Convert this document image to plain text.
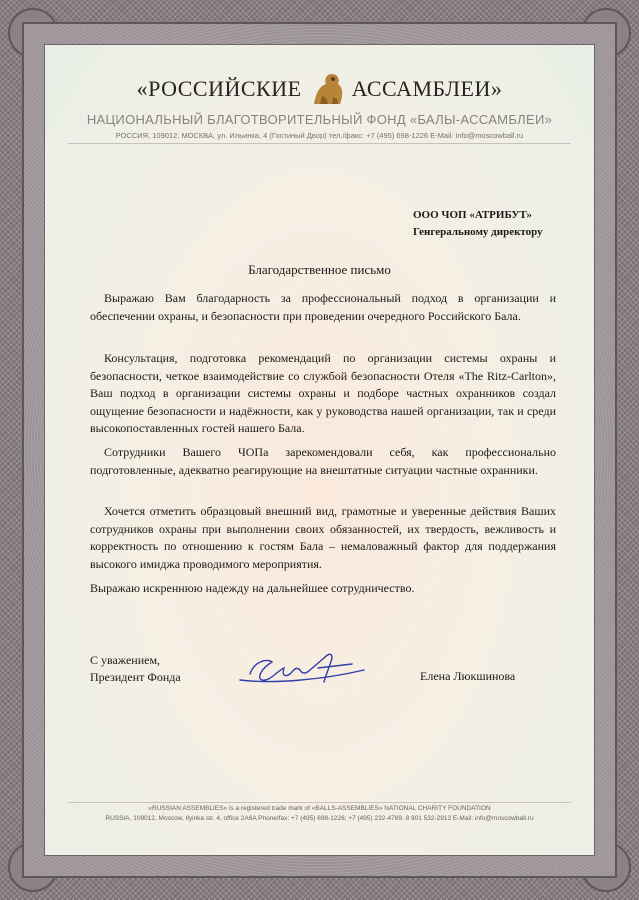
«РОССИЙСКИЕ АССАМБЛЕИ»
НАЦИОНАЛЬНЫЙ БЛАГОТВОРИТЕЛЬНЫЙ ФОНД «БАЛЫ-АССАМБЛЕИ»
РОССИЯ, 109012, МОСКВА, ул. Ильинка, 4 (Гостиный Двор) тел./факс: +7 (495) 698-1226 E-Mail: info@moscowball.ru
ООО ЧОП «АТРИБУТ»
Генгеральному директору
Благодарственное письмо
Выражаю Вам благодарность за профессиональный подход в организации и обеспечении охраны, и безопасности при проведении очередного Российского Бала.
Консультация, подготовка рекомендаций по организации системы охраны и безопасности, четкое взаимодействие со службой безопасности Отеля «The Ritz-Carlton», Ваш подход в организации системы охраны и подборе частных охранников создал ощущение безопасности и надёжности, как у руководства нашей организации, так и среди высокопоставленных гостей нашего Бала.
Сотрудники Вашего ЧОПа зарекомендовали себя, как профессионально подготовленные, адекватно реагирующие на внештатные ситуации частные охранники.
Хочется отметить образцовый внешний вид, грамотные и уверенные действия Ваших сотрудников охраны при выполнении своих обязанностей, их твердость, вежливость и корректность по отношению к гостям Бала – немаловажный фактор для поддержания высокого имиджа проводимого мероприятия.
Выражаю искреннюю надежду на дальнейшее сотрудничество.
С уважением,
Президент Фонда	Елена Люкшинова
«RUSSIAN ASSEMBLIES» is a registered trade mark of «BALLS-ASSEMBLIES» NATIONAL CHARITY FOUNDATION
RUSSIA, 109012, Moscow, Ilyinka str. 4, office 2A6A Phone/fax: +7 (495) 698-1226; +7 (495) 232-4769, 8 901 532-2913 E-Mail: info@moscowball.ru
